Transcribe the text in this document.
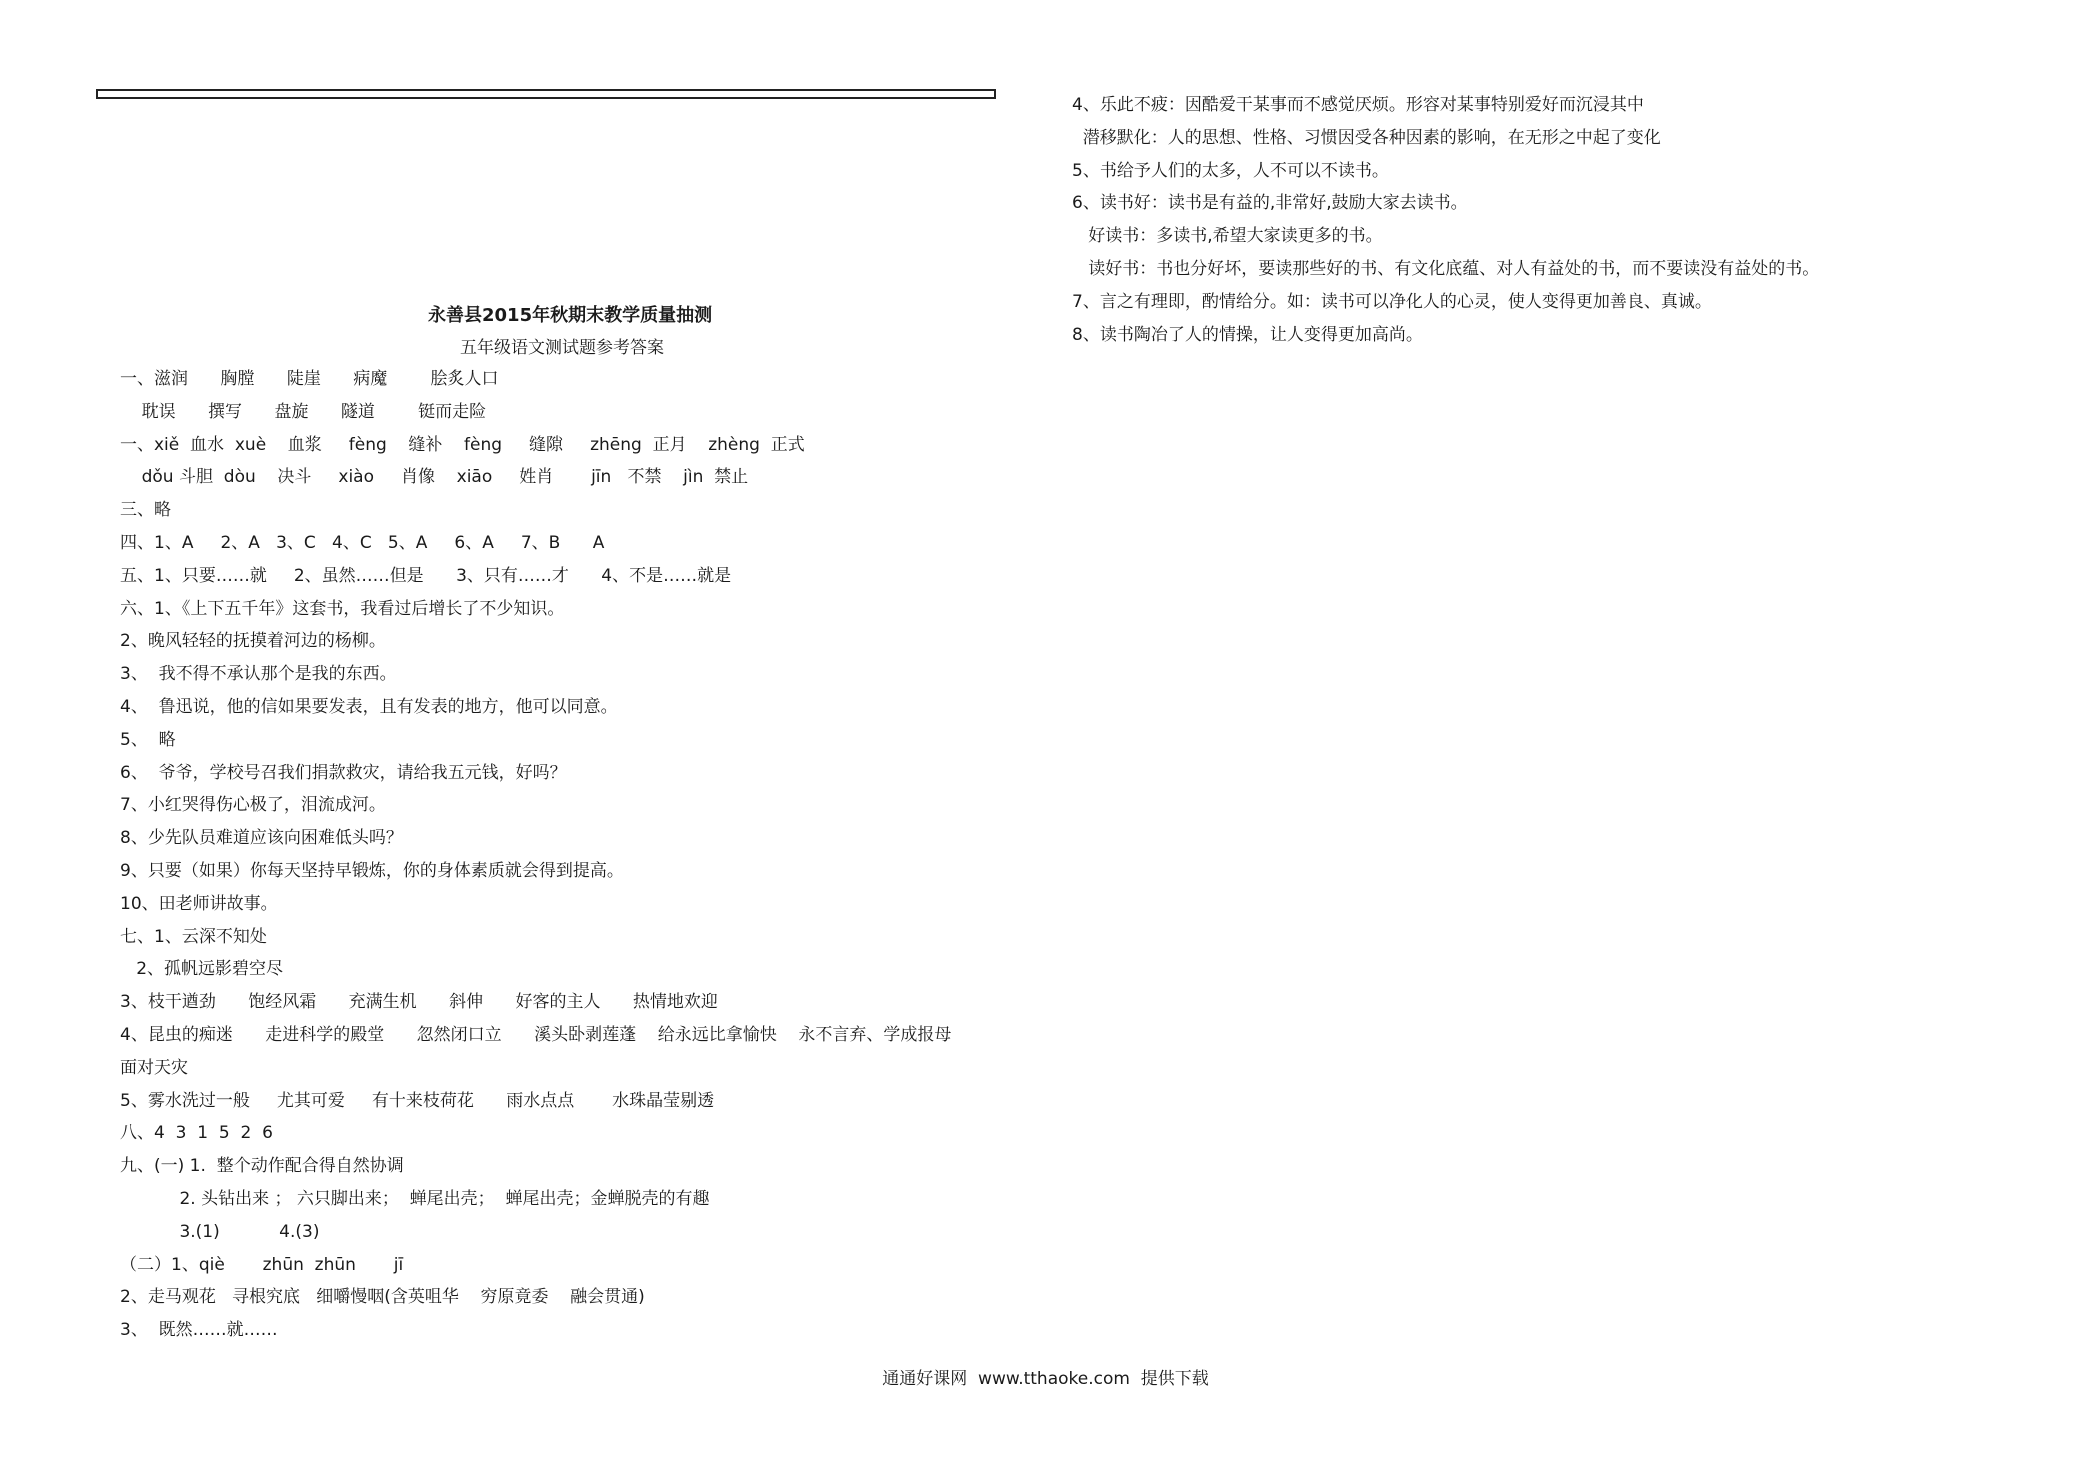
永善县2015年秋期末教学质量抽测
五年级语文测试题参考答案
一、滋润      胸膛      陡崖      病魔        脍炙人口
耽误      撰写      盘旋      隧道        铤而走险
一、xiě  血水  xuè    血浆     fèng    缝补    fèng     缝隙     zhēng  正月    zhèng  正式
dǒu 斗胆  dòu    决斗     xiào     肖像    xiāo     姓肖       jīn   不禁    jìn  禁止
三、略
四、1、A     2、A   3、C   4、C   5、A     6、A     7、B      A
五、1、只要……就     2、虽然……但是      3、只有……才      4、不是……就是
六、1、《上下五千年》这套书，我看过后增长了不少知识。
2、晚风轻轻的抚摸着河边的杨柳。
3、  我不得不承认那个是我的东西。
4、  鲁迅说，他的信如果要发表，且有发表的地方，他可以同意。
5、  略
6、  爷爷，学校号召我们捐款救灾，请给我五元钱，好吗？
7、小红哭得伤心极了，泪流成河。
8、少先队员难道应该向困难低头吗？
9、只要（如果）你每天坚持早锻炼，你的身体素质就会得到提高。
10、田老师讲故事。
七、1、云深不知处
2、孤帆远影碧空尽
3、枝干遒劲      饱经风霜      充满生机      斜伸      好客的主人      热情地欢迎
4、昆虫的痴迷      走进科学的殿堂      忽然闭口立      溪头卧剥莲蓬    给永远比拿愉快    永不言弃、学成报母
面对天灾
5、雾水洗过一般     尤其可爱     有十来枝荷花      雨水点点       水珠晶莹剔透
八、4  3  1  5  2  6
九、(一) 1.  整个动作配合得自然协调
2. 头钻出来 ； 六只脚出来；  蝉尾出壳；  蝉尾出壳；金蝉脱壳的有趣
3.(1)           4.(3)
（二）1、qiè       zhūn  zhūn       jī
2、走马观花   寻根究底   细嚼慢咽(含英咀华    穷原竟委    融会贯通)
3、  既然……就……
4、乐此不疲：因酷爱干某事而不感觉厌烦。形容对某事特别爱好而沉浸其中
潜移默化：人的思想、性格、习惯因受各种因素的影响，在无形之中起了变化
5、书给予人们的太多，人不可以不读书。
6、读书好：读书是有益的,非常好,鼓励大家去读书。
好读书：多读书,希望大家读更多的书。
读好书：书也分好坏，要读那些好的书、有文化底蕴、对人有益处的书，而不要读没有益处的书。
7、言之有理即，酌情给分。如：读书可以净化人的心灵，使人变得更加善良、真诚。
8、读书陶冶了人的情操，让人变得更加高尚。
通通好课网  www.tthaoke.com  提供下载
